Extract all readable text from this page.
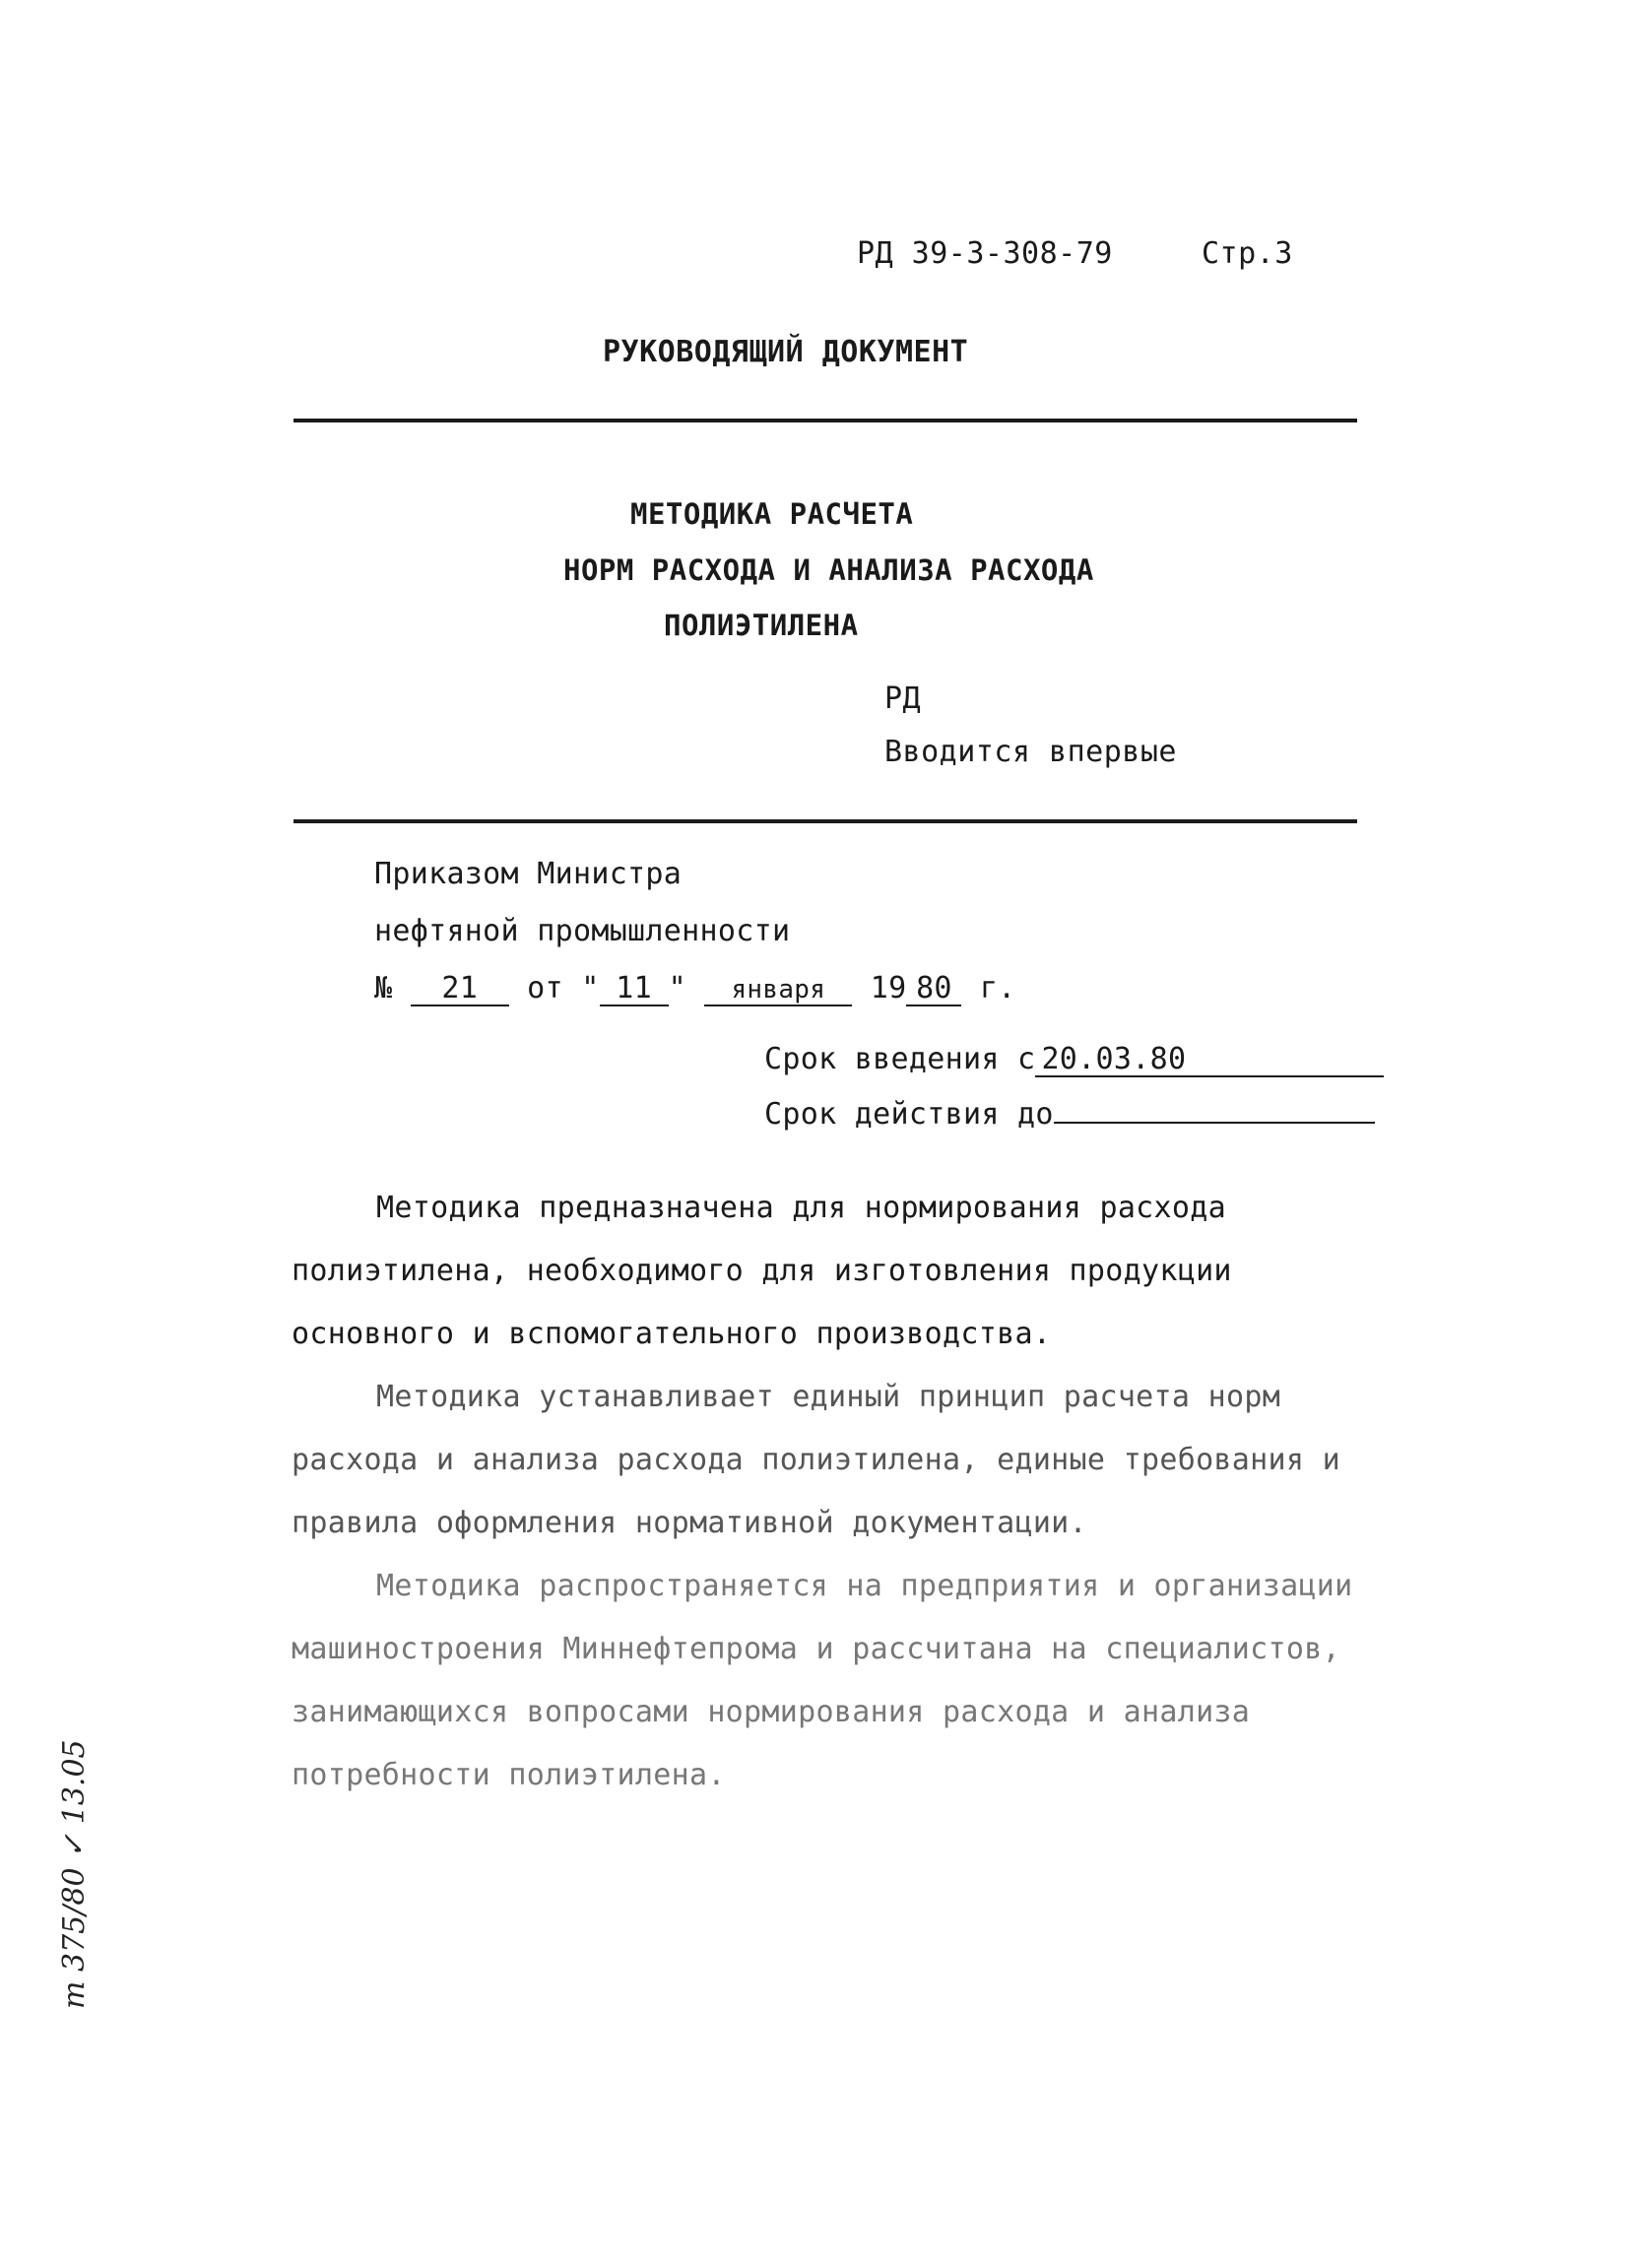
РД 39-3-308-79	Стр.3
РУКОВОДЯЩИЙ ДОКУМЕНТ
МЕТОДИКА РАСЧЕТА
НОРМ РАСХОДА И АНАЛИЗА РАСХОДА
ПОЛИЭТИЛЕНА
РД
Вводится впервые
Приказом Министра
нефтяной промышленности
№ 21 от " 11 " января 19 80 г.
Срок введения с 20.03.80
Срок действия до

Методика предназначена для нормирования расхода полиэтилена, необходимого для изготовления продукции основного и вспомогательного производства.

Методика устанавливает единый принцип расчета норм расхода и анализа расхода полиэтилена, единые требования и правила оформления нормативной документации.

Методика распространяется на предприятия и организации машиностроения Миннефтепрома и рассчитана на специалистов, занимающихся вопросами нормирования расхода и анализа потребности полиэтилена.

т 375/80 ✓ 13.05
